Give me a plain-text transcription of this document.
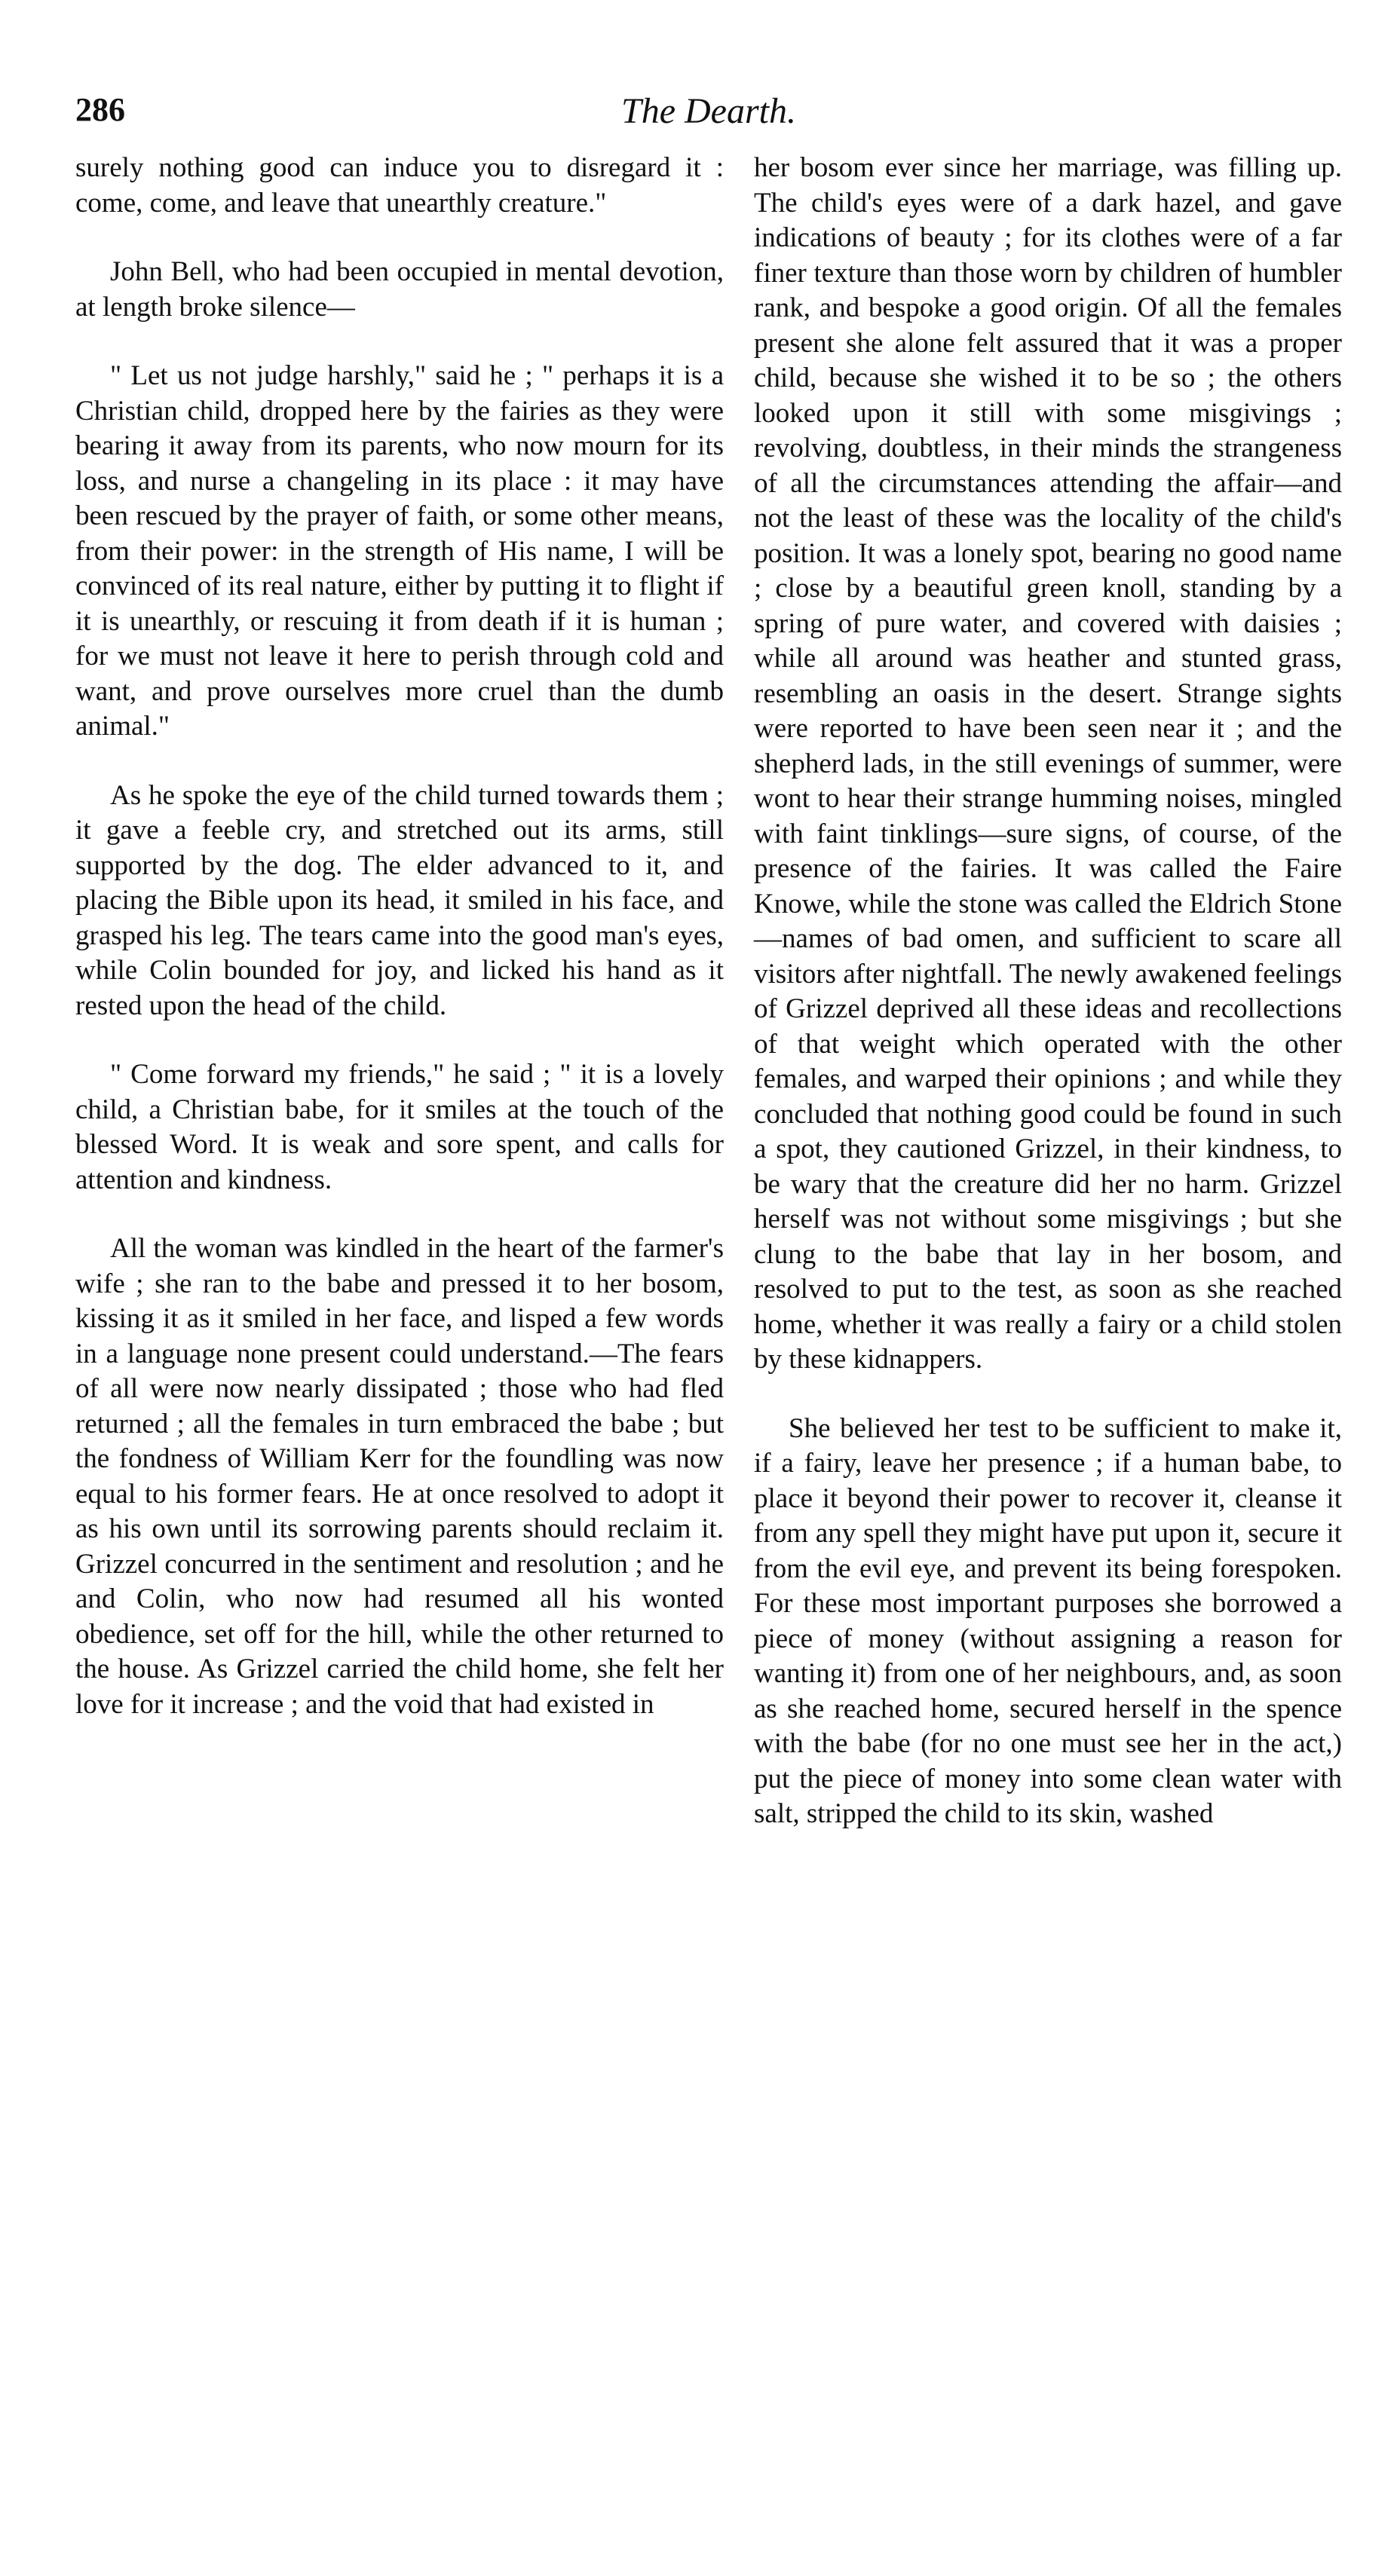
286	The Dearth.

surely nothing good can induce you to disregard it : come, come, and leave that unearthly creature."

John Bell, who had been occupied in mental devotion, at length broke silence—

" Let us not judge harshly," said he ; " perhaps it is a Christian child, dropped here by the fairies as they were bearing it away from its parents, who now mourn for its loss, and nurse a changeling in its place : it may have been rescued by the prayer of faith, or some other means, from their power: in the strength of His name, I will be convinced of its real nature, either by putting it to flight if it is unearthly, or rescuing it from death if it is human ; for we must not leave it here to perish through cold and want, and prove ourselves more cruel than the dumb animal."

As he spoke the eye of the child turned towards them ; it gave a feeble cry, and stretched out its arms, still supported by the dog. The elder advanced to it, and placing the Bible upon its head, it smiled in his face, and grasped his leg. The tears came into the good man's eyes, while Colin bounded for joy, and licked his hand as it rested upon the head of the child.

" Come forward my friends," he said ; " it is a lovely child, a Christian babe, for it smiles at the touch of the blessed Word. It is weak and sore spent, and calls for attention and kindness.

All the woman was kindled in the heart of the farmer's wife ; she ran to the babe and pressed it to her bosom, kissing it as it smiled in her face, and lisped a few words in a language none present could understand.—The fears of all were now nearly dissipated ; those who had fled returned ; all the females in turn embraced the babe ; but the fondness of William Kerr for the foundling was now equal to his former fears. He at once resolved to adopt it as his own until its sorrowing parents should reclaim it. Grizzel concurred in the sentiment and resolution ; and he and Colin, who now had resumed all his wonted obedience, set off for the hill, while the other returned to the house. As Grizzel carried the child home, she felt her love for it increase ; and the void that had existed in

her bosom ever since her marriage, was filling up. The child's eyes were of a dark hazel, and gave indications of beauty ; for its clothes were of a far finer texture than those worn by children of humbler rank, and bespoke a good origin. Of all the females present she alone felt assured that it was a proper child, because she wished it to be so ; the others looked upon it still with some misgivings ; revolving, doubtless, in their minds the strangeness of all the circumstances attending the affair—and not the least of these was the locality of the child's position. It was a lonely spot, bearing no good name ; close by a beautiful green knoll, standing by a spring of pure water, and covered with daisies ; while all around was heather and stunted grass, resembling an oasis in the desert. Strange sights were reported to have been seen near it ; and the shepherd lads, in the still evenings of summer, were wont to hear their strange humming noises, mingled with faint tinklings—sure signs, of course, of the presence of the fairies. It was called the Faire Knowe, while the stone was called the Eldrich Stone—names of bad omen, and sufficient to scare all visitors after nightfall. The newly awakened feelings of Grizzel deprived all these ideas and recollections of that weight which operated with the other females, and warped their opinions ; and while they concluded that nothing good could be found in such a spot, they cautioned Grizzel, in their kindness, to be wary that the creature did her no harm. Grizzel herself was not without some misgivings ; but she clung to the babe that lay in her bosom, and resolved to put to the test, as soon as she reached home, whether it was really a fairy or a child stolen by these kidnappers.

She believed her test to be sufficient to make it, if a fairy, leave her presence ; if a human babe, to place it beyond their power to recover it, cleanse it from any spell they might have put upon it, secure it from the evil eye, and prevent its being forespoken. For these most important purposes she borrowed a piece of money (without assigning a reason for wanting it) from one of her neighbours, and, as soon as she reached home, secured herself in the spence with the babe (for no one must see her in the act,) put the piece of money into some clean water with salt, stripped the child to its skin, washed
